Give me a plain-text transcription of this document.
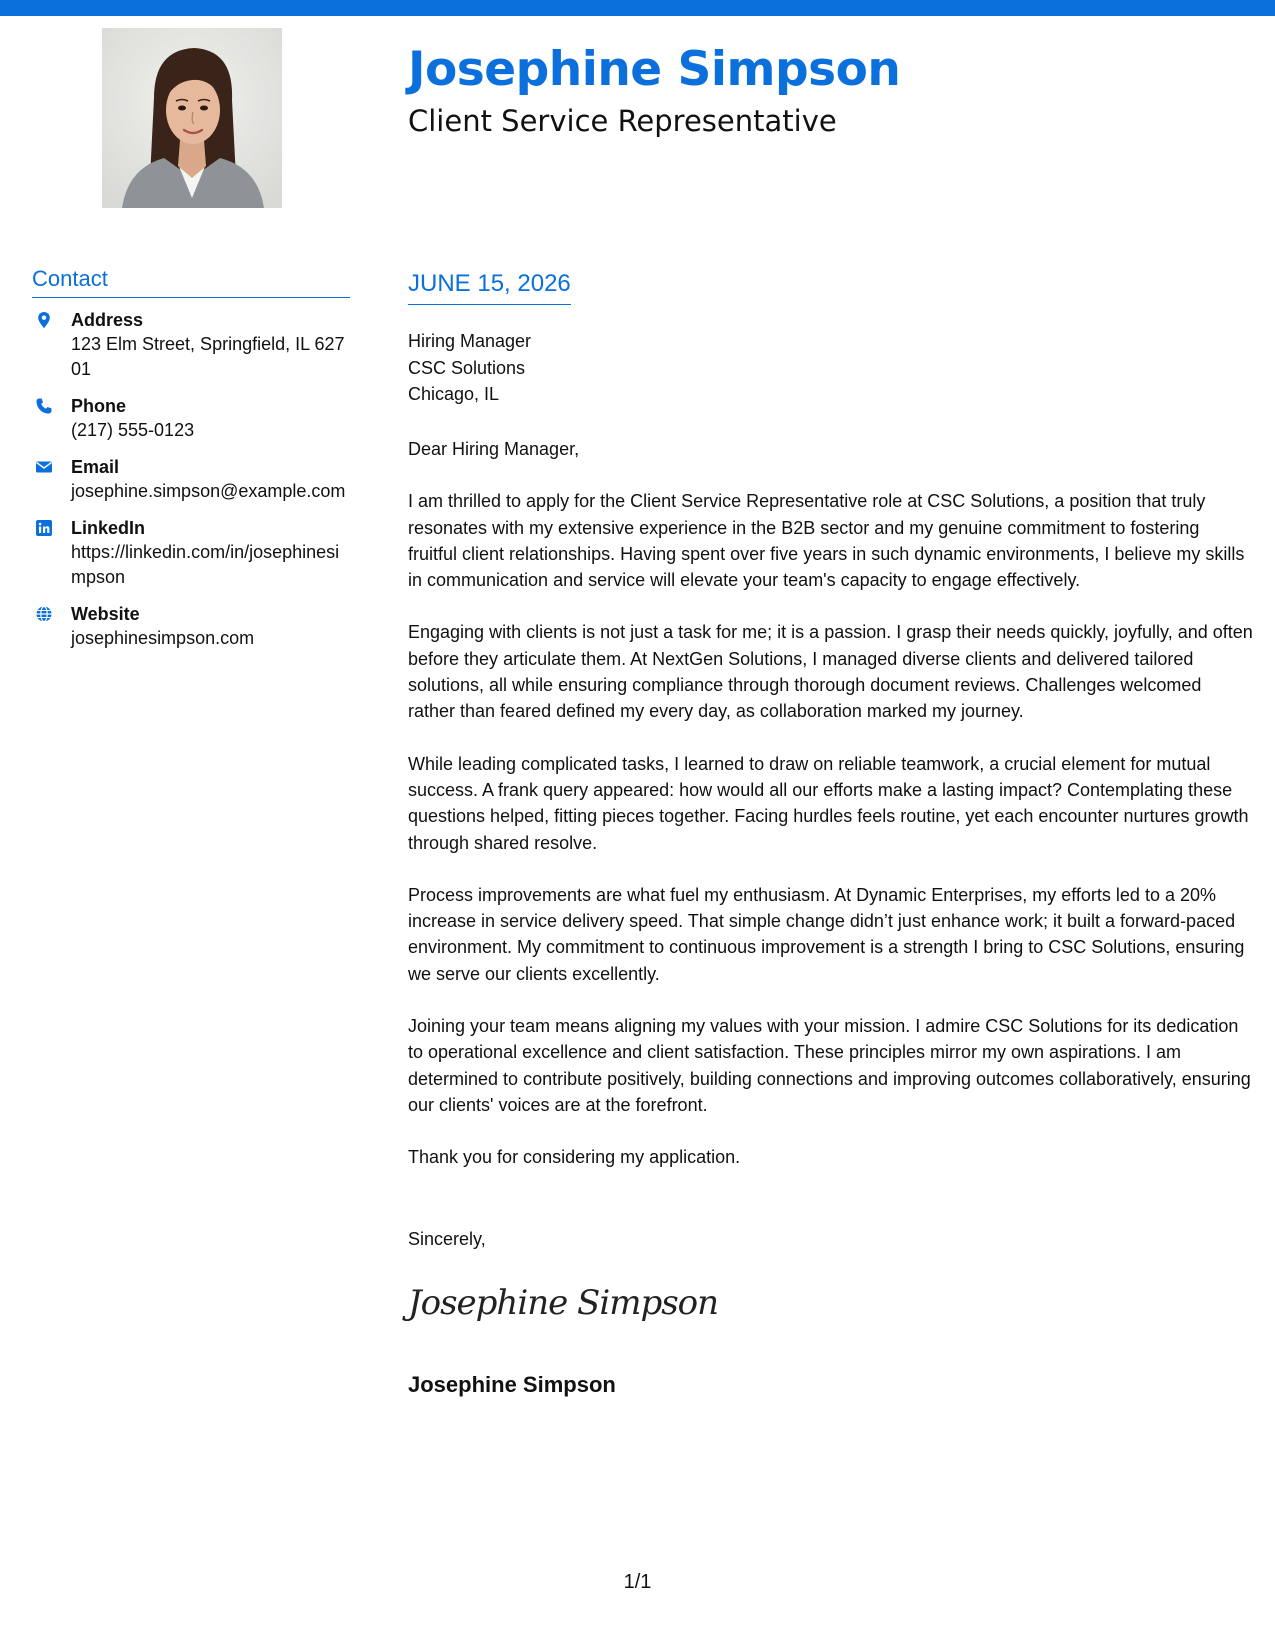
Josephine Simpson
Client Service Representative
Contact
Address
123 Elm Street, Springfield, IL 62701
Phone
(217) 555-0123
Email
josephine.simpson@example.com
LinkedIn
https://linkedin.com/in/josephinesimpson
Website
josephinesimpson.com
JUNE 15, 2026
Hiring Manager
CSC Solutions
Chicago, IL

Dear Hiring Manager,

I am thrilled to apply for the Client Service Representative role at CSC Solutions, a position that truly resonates with my extensive experience in the B2B sector and my genuine commitment to fostering fruitful client relationships. Having spent over five years in such dynamic environments, I believe my skills in communication and service will elevate your team's capacity to engage effectively.

Engaging with clients is not just a task for me; it is a passion. I grasp their needs quickly, joyfully, and often before they articulate them. At NextGen Solutions, I managed diverse clients and delivered tailored solutions, all while ensuring compliance through thorough document reviews. Challenges welcomed rather than feared defined my every day, as collaboration marked my journey.

While leading complicated tasks, I learned to draw on reliable teamwork, a crucial element for mutual success. A frank query appeared: how would all our efforts make a lasting impact? Contemplating these questions helped, fitting pieces together. Facing hurdles feels routine, yet each encounter nurtures growth through shared resolve.

Process improvements are what fuel my enthusiasm. At Dynamic Enterprises, my efforts led to a 20% increase in service delivery speed. That simple change didn’t just enhance work; it built a forward-paced environment. My commitment to continuous improvement is a strength I bring to CSC Solutions, ensuring we serve our clients excellently.

Joining your team means aligning my values with your mission. I admire CSC Solutions for its dedication to operational excellence and client satisfaction. These principles mirror my own aspirations. I am determined to contribute positively, building connections and improving outcomes collaboratively, ensuring our clients' voices are at the forefront.

Thank you for considering my application.

Sincerely,
Josephine Simpson
Josephine Simpson
1/1
